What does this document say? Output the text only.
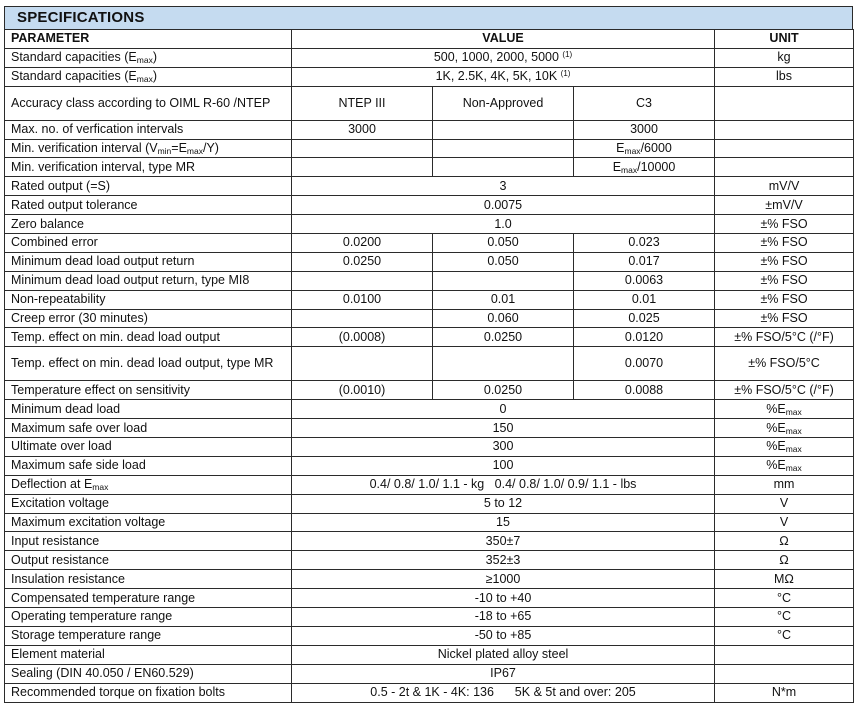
SPECIFICATIONS
PARAMETER	VALUE			UNIT
Standard capacities $(E_{max})$	500, 1000, 2000, 5000 $^{(1)}$			kg
Standard capacities $(E_{max})$	1K, 2.5K, 4K, 5K, 10K $^{(1)}$			lbs
Accuracy class according to OIML R-60 /NTEP	NTEP III	Non-Approved	C3	
Max. no. of verfication intervals	3000		3000	
Min. verification interval $(V_{min}=E_{max}/Y)$			$E_{max}/6000$	
Min. verification interval, type MR			$E_{max}/10000$	
Rated output (=S)	3			mV/V
Rated output tolerance	0.0075			±mV/V
Zero balance	1.0			±% FSO
Combined error	0.0200	0.050	0.023	±% FSO
Minimum dead load output return	0.0250	0.050	0.017	±% FSO
Minimum dead load output return, type MI8			0.0063	±% FSO
Non-repeatability	0.0100	0.01	0.01	±% FSO
Creep error (30 minutes)		0.060	0.025	±% FSO
Temp. effect on min. dead load output	(0.0008)	0.0250	0.0120	±% FSO/5°C (/°F)
Temp. effect on min. dead load output, type MR			0.0070	±% FSO/5°C
Temperature effect on sensitivity	(0.0010)	0.0250	0.0088	±% FSO/5°C (/°F)
Minimum dead load	0			$\%E_{max}$
Maximum safe over load	150			$\%E_{max}$
Ultimate over load	300			$\%E_{max}$
Maximum safe side load	100			$\%E_{max}$
Deflection at $E_{max}$	0.4/ 0.8/ 1.0/ 1.1 - kg   0.4/ 0.8/ 1.0/ 0.9/ 1.1 - lbs			mm
Excitation voltage	5 to 12			V
Maximum excitation voltage	15			V
Input resistance	350±7			Ω
Output resistance	352±3			Ω
Insulation resistance	≥1000			MΩ
Compensated temperature range	-10 to +40			°C
Operating temperature range	-18 to +65			°C
Storage temperature range	-50 to +85			°C
Element material	Nickel plated alloy steel			
Sealing (DIN 40.050 / EN60.529)	IP67			
Recommended torque on fixation bolts	0.5 - 2t & 1K - 4K: 136      5K & 5t and over: 205			N*m
